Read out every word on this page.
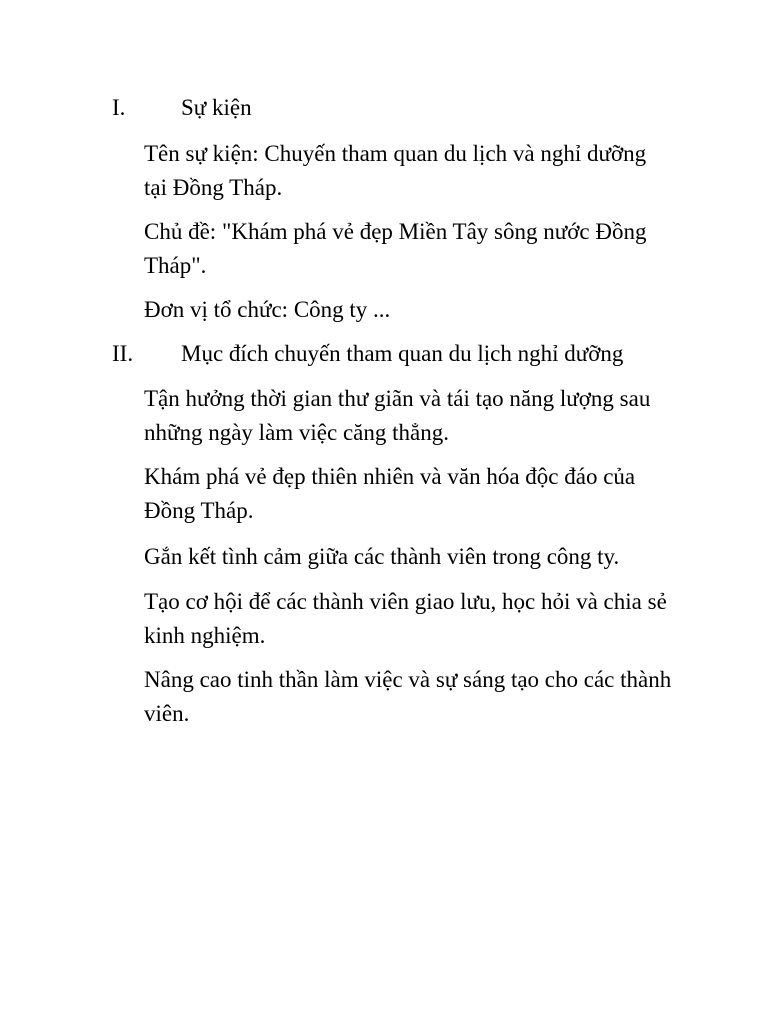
I. Sự kiện

Tên sự kiện: Chuyến tham quan du lịch và nghỉ dưỡng tại Đồng Tháp.

Chủ đề: "Khám phá vẻ đẹp Miền Tây sông nước Đồng Tháp".

Đơn vị tổ chức: Công ty ...

II. Mục đích chuyến tham quan du lịch nghỉ dưỡng

Tận hưởng thời gian thư giãn và tái tạo năng lượng sau những ngày làm việc căng thẳng.

Khám phá vẻ đẹp thiên nhiên và văn hóa độc đáo của Đồng Tháp.

Gắn kết tình cảm giữa các thành viên trong công ty.

Tạo cơ hội để các thành viên giao lưu, học hỏi và chia sẻ kinh nghiệm.

Nâng cao tinh thần làm việc và sự sáng tạo cho các thành viên.
